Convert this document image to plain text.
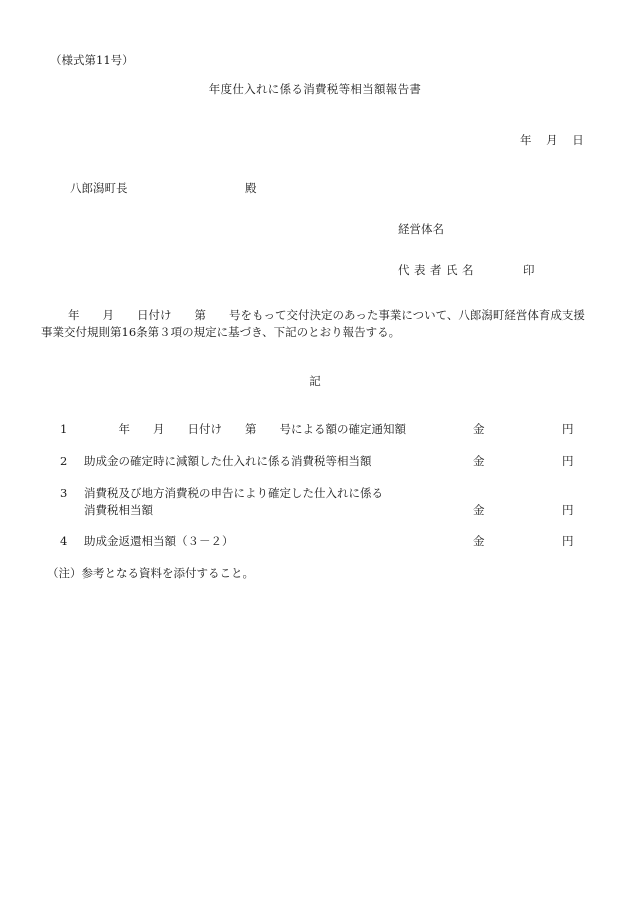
（様式第11号）
年度仕入れに係る消費税等相当額報告書
年 月 日
八郎潟町長	殿
経営体名
代表者氏名	印
年　　月　　日付け　　第　　号をもって交付決定のあった事業について、八郎潟町経営体育成支援事業交付規則第16条第３項の規定に基づき、下記のとおり報告する。
記
1 　　　年　　月　　日付け　　第　　号による額の確定通知額	金	円
2 助成金の確定時に減額した仕入れに係る消費税等相当額	金	円
3 消費税及び地方消費税の申告により確定した仕入れに係る
消費税相当額	金	円
4 助成金返還相当額（３－２）	金	円
（注）参考となる資料を添付すること。
